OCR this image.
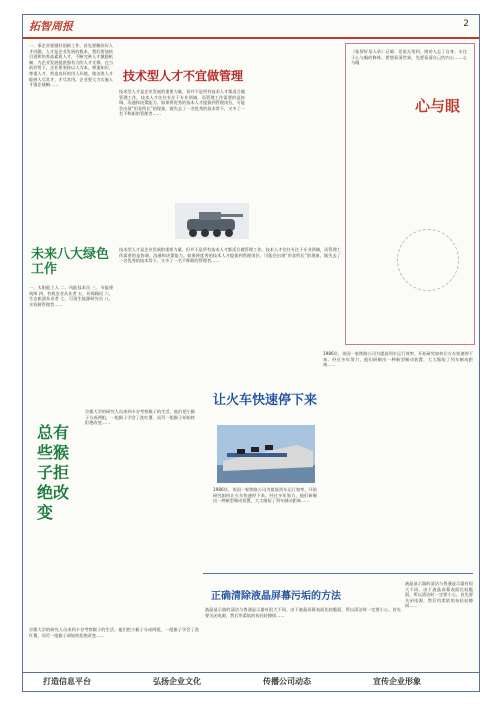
拓智周报	2
一、事企业要做好创新工作，首先要解决好人才问题。人才是企业发展的根本，我们要加快引进和培养高素质人才，不断完善人才激励机制，为企业发展提供强有力的人才支撑。在当前形势下，企业要坚持以人为本，尊重知识、尊重人才，营造良好的用人环境，使各类人才能够人尽其才、才尽其用。企业要大力实施人才强企战略……
技术型人才不宜做管理
技术型人才是企业发展的重要力量，但并不是所有技术人才都适合做管理工作。技术人才往往专注于专业领域，而管理工作需要的是协调、沟通和决策能力。如果将优秀的技术人才提拔到管理岗位，可能会出现“用非所长”的现象，既失去了一名优秀的技术骨干，又多了一名不称职的管理者……	心与眼
《拓智好语人录》记载：话说无常到，则劝人忘了自身，专注于心与眼的修炼。要想看清世界，先要看清自己的内心……心与眼
未来八大绿色工作
一、太阳能工人 二、风能技术员 三、节能建筑师 四、有机农业从业者 五、环保顾问 六、生态旅游从业者 七、可再生能源研究员 八、水资源管理者……
技术型人才是企业发展的重要力量，但并不是所有技术人才都适合做管理工作。技术人才往往专注于专业领域，而管理工作需要的是协调、沟通和决策能力。如果将优秀的技术人才提拔到管理岗位，可能会出现“用非所长”的现象，既失去了一名优秀的技术骨干，又多了一名不称职的管理者……
总有些猴子拒绝改变
京都大学的研究人员来到卡谷考察猴子的生活。他们把小猴子分成两组，一组猴子学会了洗红薯，而另一组猴子却始终拒绝改变……
让火车快速停下来
1986年，英国一家铁路公司为提高列车运行效率，开始研究如何让火车快速停下来。经过多年努力，他们研制出一种新型制动装置，大大缩短了列车制动距离……
1986年，英国一家铁路公司为提高列车运行效率，开始研究如何让火车快速停下来。经过多年努力，他们研制出一种新型制动装置，大大缩短了列车制动距离……
正确清除液晶屏幕污垢的方法
液晶显示器的清洁与普通显示器有很大不同，由于液晶屏幕表面比较脆弱，所以清洁时一定要小心。首先要关闭电源，然后用柔软的布轻轻擦拭……
液晶显示器的清洁与普通显示器有很大不同，由于液晶屏幕表面比较脆弱，所以清洁时一定要小心。首先要关闭电源，然后用柔软的布轻轻擦拭……
京都大学的研究人员来到卡谷考察猴子的生活。他们把小猴子分成两组，一组猴子学会了洗红薯，而另一组猴子却始终拒绝改变……
打造信息平台	弘扬企业文化	传播公司动态	宣传企业形象
